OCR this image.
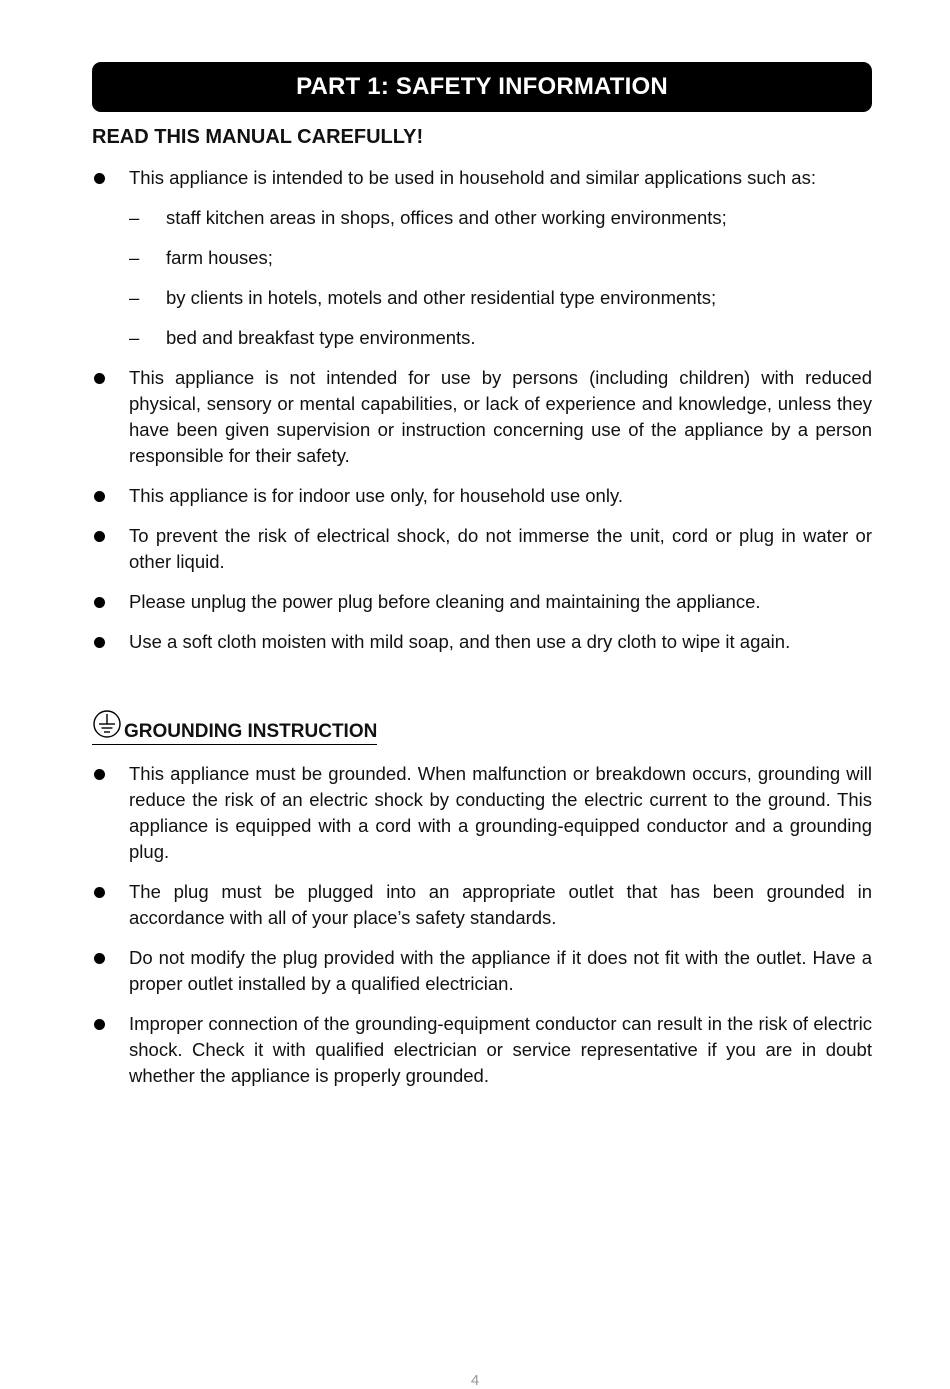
PART 1: SAFETY INFORMATION
READ THIS MANUAL CAREFULLY!
This appliance is intended to be used in household and similar applications such as:
– staff kitchen areas in shops, offices and other working environments;
– farm houses;
– by clients in hotels, motels and other residential type environments;
– bed and breakfast type environments.
This appliance is not intended for use by persons (including children) with reduced physical, sensory or mental capabilities, or lack of experience and knowledge, unless they have been given supervision or instruction concerning use of the appliance by a person responsible for their safety.
This appliance is for indoor use only, for household use only.
To prevent the risk of electrical shock, do not immerse the unit, cord or plug in water or other liquid.
Please unplug the power plug before cleaning and maintaining the appliance.
Use a soft cloth moisten with mild soap, and then use a dry cloth to wipe it again.
GROUNDING INSTRUCTION
This appliance must be grounded. When malfunction or breakdown occurs, grounding will reduce the risk of an electric shock by conducting the electric current to the ground. This appliance is equipped with a cord with a grounding-equipped conductor and a grounding plug.
The plug must be plugged into an appropriate outlet that has been grounded in accordance with all of your place’s safety standards.
Do not modify the plug provided with the appliance if it does not fit with the outlet. Have a proper outlet installed by a qualified electrician.
Improper connection of the grounding-equipment conductor can result in the risk of electric shock. Check it with qualified electrician or service representative if you are in doubt whether the appliance is properly grounded.
4
